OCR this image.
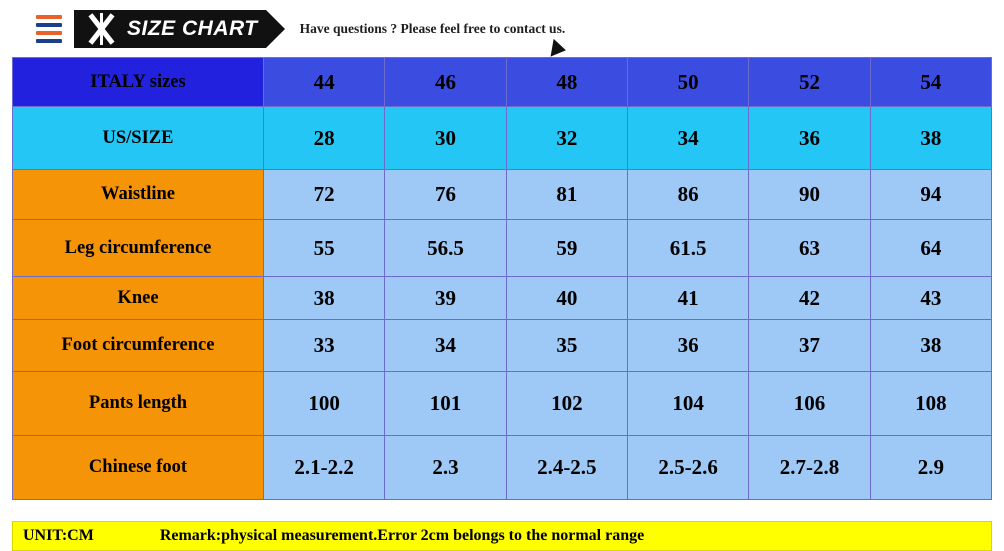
SIZE CHART	Have questions ? Please feel free to contact us.
ITALY sizes	44	46	48	50	52	54
US/SIZE	28	30	32	34	36	38
Waistline	72	76	81	86	90	94
Leg circumference	55	56.5	59	61.5	63	64
Knee	38	39	40	41	42	43
Foot circumference	33	34	35	36	37	38
Pants length	100	101	102	104	106	108
Chinese foot	2.1-2.2	2.3	2.4-2.5	2.5-2.6	2.7-2.8	2.9
UNIT:CM	Remark:physical measurement.Error 2cm belongs to the normal range
